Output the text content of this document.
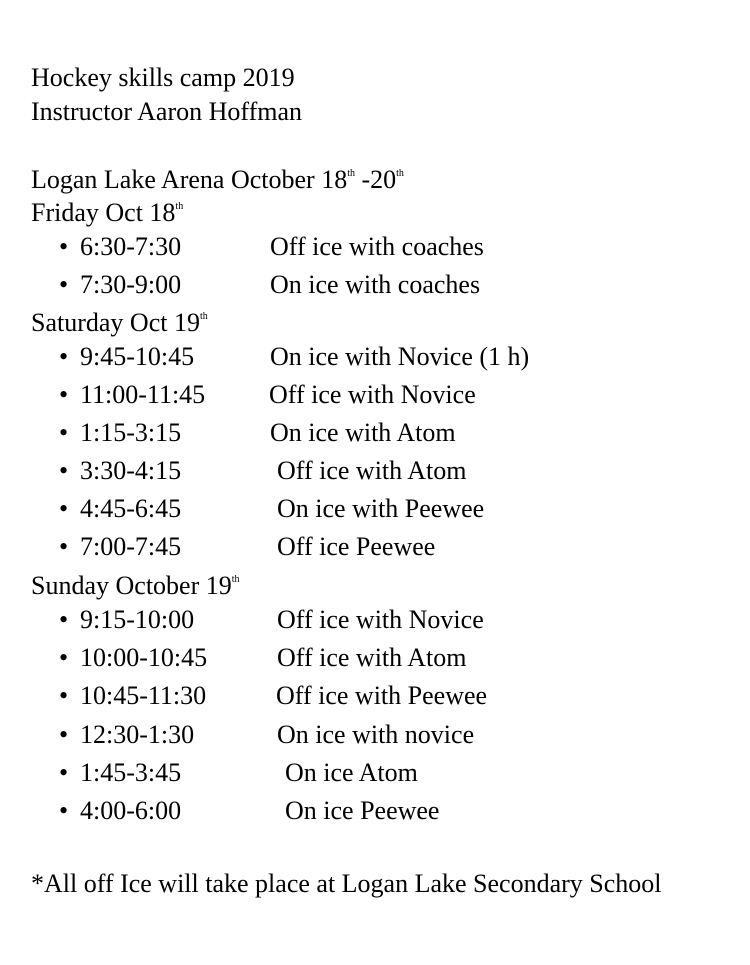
Hockey skills camp 2019
Instructor Aaron Hoffman
Logan Lake Arena October 18th -20th
Friday Oct 18th
• 6:30-7:30	Off ice with coaches
• 7:30-9:00	On ice with coaches
Saturday Oct 19th
• 9:45-10:45	On ice with Novice (1 h)
• 11:00-11:45 Off ice with Novice
• 1:15-3:15	On ice with Atom
• 3:30-4:15	Off ice with Atom
• 4:45-6:45	On ice with Peewee
• 7:00-7:45	Off ice Peewee
Sunday October 19th
• 9:15-10:00	Off ice with Novice
• 10:00-10:45	Off ice with Atom
• 10:45-11:30	Off ice with Peewee
• 12:30-1:30	On ice with novice
• 1:45-3:45	On ice Atom
• 4:00-6:00	On ice Peewee
*All off Ice will take place at Logan Lake Secondary School
